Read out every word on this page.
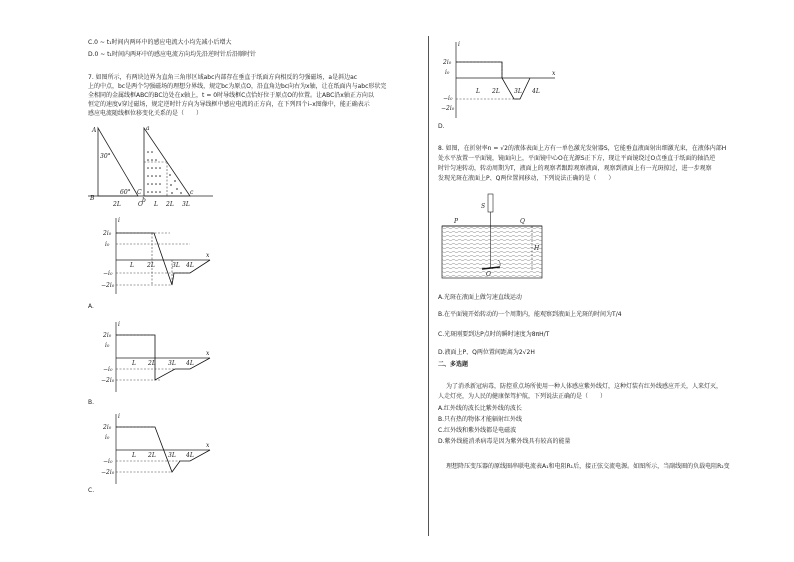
C.0 ~ t₁时间内两环中的感应电流大小均先减小后增大
D.0 ~ t₁时间内两环中的感应电流方向均先沿逆时针后沿顺时针
7. 如图所示，有两块边界为直角三角形区域abc内部存在垂直于纸面方向相反的匀强磁场，a是斜边ac
上的中点，bc是两个匀强磁场的理想分界线，规定bc为原点O，沿直角边bc向右为x轴，让在纸面内与abc形状完
全相同的金属线框ABC的BC边处在x轴上，t = 0时导线框C点恰好位于原点O的位置。让ABC沿x轴正方向以
恒定的速度v穿过磁场，规定逆时针方向为导线框中感应电流的正方向，在下列四个i–x图像中，能正确表示
感应电流随线框位移变化关系的是（　　）
A
B
C
a
b
c
30°
60°
2L	O L 2L 3L
i
x
2i0
i0
−i0
−2i0
L 2L	3L 4L
A.
i
x
2i0
i0
−i0
−2i0
L 2L 3L 4L
B.
i
x
2i0
i0
−i0
−2i0
L 2L 3L 4L
C.
i
x
2i0
i0
−i0
−2i0
L 2L 3L 4L
D.
8. 如图，在折射率n = √2的液体表面上方有一单色激光发射器S，它能垂直液面射出细激光束，在液体内部H
处水平放置一平面镜，镜面向上，平面镜中心O在光源S正下方，现让平面镜绕过O点垂直于纸面的轴沿逆
时针匀速转动，转动周期为T，液面上的观察者跟踪观察液面，观察到液面上有一光斑掠过，进一步观察
发现光斑在液面上P、Q两位置间移动，下列说法正确的是（　　）
P	Q
S
H
O
A.光斑在液面上做匀速直线运动
B.在平面镜开始转动的一个周期内，能观察到液面上光斑的时间为T/4
C.光斑刚要到达P点时的瞬时速度为8πH/T
D.液面上P、Q两位置间距离为2√2H
二、多选题
为了消杀新冠病毒，防控重点场所使用一种人体感应紫外线灯，这种灯装有红外线感应开关，人来灯灭，
人走灯亮，为人民的健康保驾护航，下列说法正确的是（　　）
A.红外线的波长比紫外线的波长
B.只有热的物体才能辐射红外线
C.红外线和紫外线都是电磁波
D.紫外线能消杀病毒是因为紫外线具有较高的能量
理想降压变压器的原线圈串联电流表A₁和电阻R₁后，接正弦交流电源。如图所示，当副线圈的负载电阻R₂变
